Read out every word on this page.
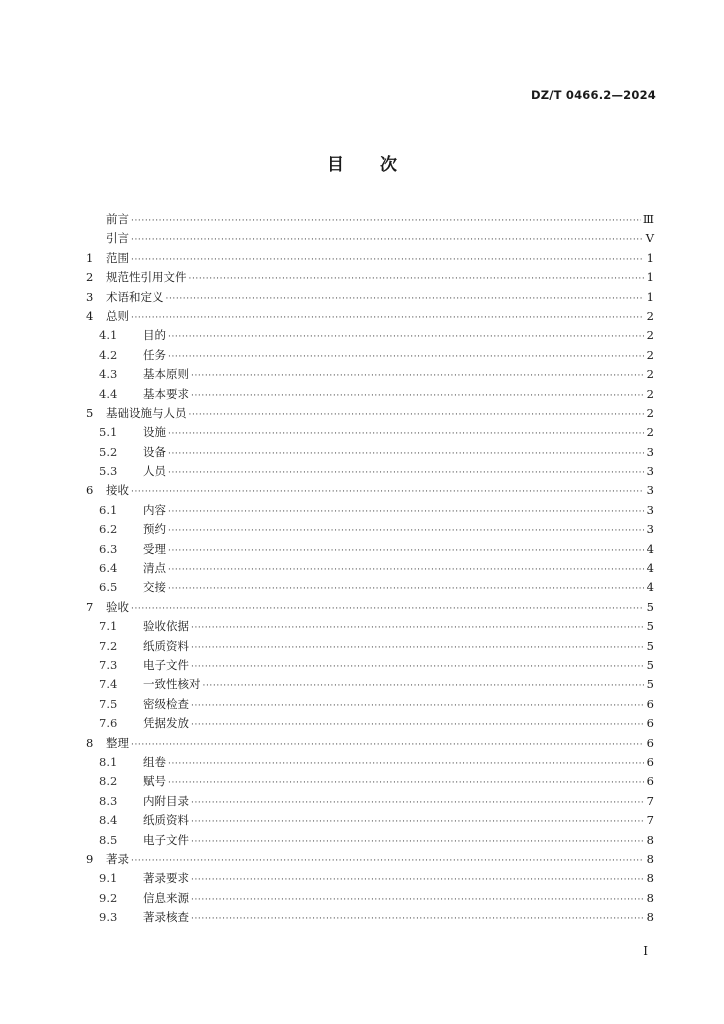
DZ/T 0466.2—2024
目 次
前言 ·····	Ⅲ
引言 ·····	Ⅴ
1	范围 ·····	1
2	规范性引用文件 ·····	1
3	术语和定义 ·····	1
4	总则 ·····	2
4.1	目的 ·····	2
4.2	任务 ·····	2
4.3	基本原则 ·····	2
4.4	基本要求 ·····	2
5	基础设施与人员 ·····	2
5.1	设施 ·····	2
5.2	设备 ·····	3
5.3	人员 ·····	3
6	接收 ·····	3
6.1	内容 ·····	3
6.2	预约 ·····	3
6.3	受理 ·····	4
6.4	清点 ·····	4
6.5	交接 ·····	4
7	验收 ·····	5
7.1	验收依据 ·····	5
7.2	纸质资料 ·····	5
7.3	电子文件 ·····	5
7.4	一致性核对 ·····	5
7.5	密级检查 ·····	6
7.6	凭据发放 ·····	6
8	整理 ·····	6
8.1	组卷 ·····	6
8.2	赋号 ·····	6
8.3	内附目录 ·····	7
8.4	纸质资料 ·····	7
8.5	电子文件 ·····	8
9	著录 ·····	8
9.1	著录要求 ·····	8
9.2	信息来源 ·····	8
9.3	著录核查 ·····	8
I
